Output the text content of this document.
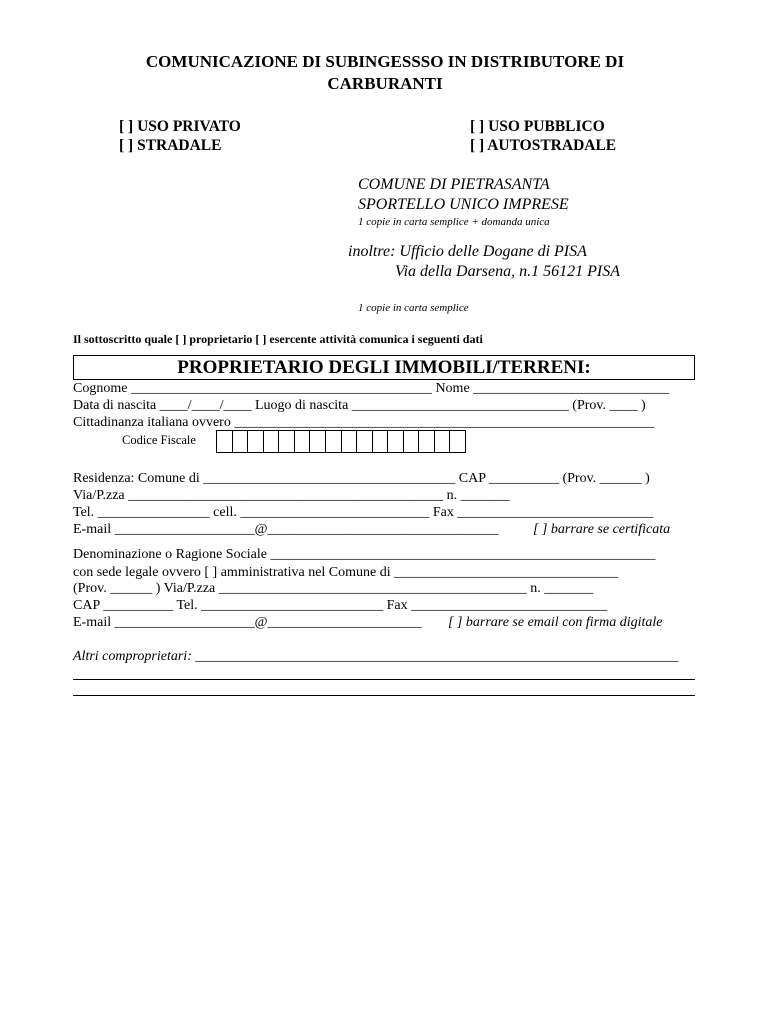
COMUNICAZIONE DI SUBINGESSSO IN DISTRIBUTORE DI
CARBURANTI
[ ] USO PRIVATO	[ ] USO PUBBLICO
[ ] STRADALE	[ ] AUTOSTRADALE
COMUNE DI PIETRASANTA
SPORTELLO UNICO IMPRESE
1 copie in carta semplice + domanda unica
inoltre: Ufficio delle Dogane di PISA
Via della Darsena, n.1 56121 PISA
1 copie in carta semplice
Il sottoscritto quale [ ] proprietario [ ] esercente attività comunica i seguenti dati
PROPRIETARIO DEGLI IMMOBILI/TERRENI:
Cognome ___________________________________________ Nome ____________________________
Data di nascita ____/____/____ Luogo di nascita _______________________________ (Prov. ____ )
Cittadinanza italiana ovvero ____________________________________________________________
Codice Fiscale
Residenza: Comune di ____________________________________ CAP __________ (Prov. ______ )
Via/P.zza _____________________________________________ n. _______
Tel. ________________ cell. ___________________________ Fax ____________________________
E-mail ____________________@_________________________________ [ ] barrare se certificata
Denominazione o Ragione Sociale _______________________________________________________
con sede legale ovvero [ ] amministrativa nel Comune di ________________________________
(Prov. ______ ) Via/P.zza ____________________________________________ n. _______
CAP __________ Tel. __________________________ Fax ____________________________
E-mail ____________________@______________________ [ ] barrare se email con firma digitale
Altri comproprietari: _____________________________________________________________________
